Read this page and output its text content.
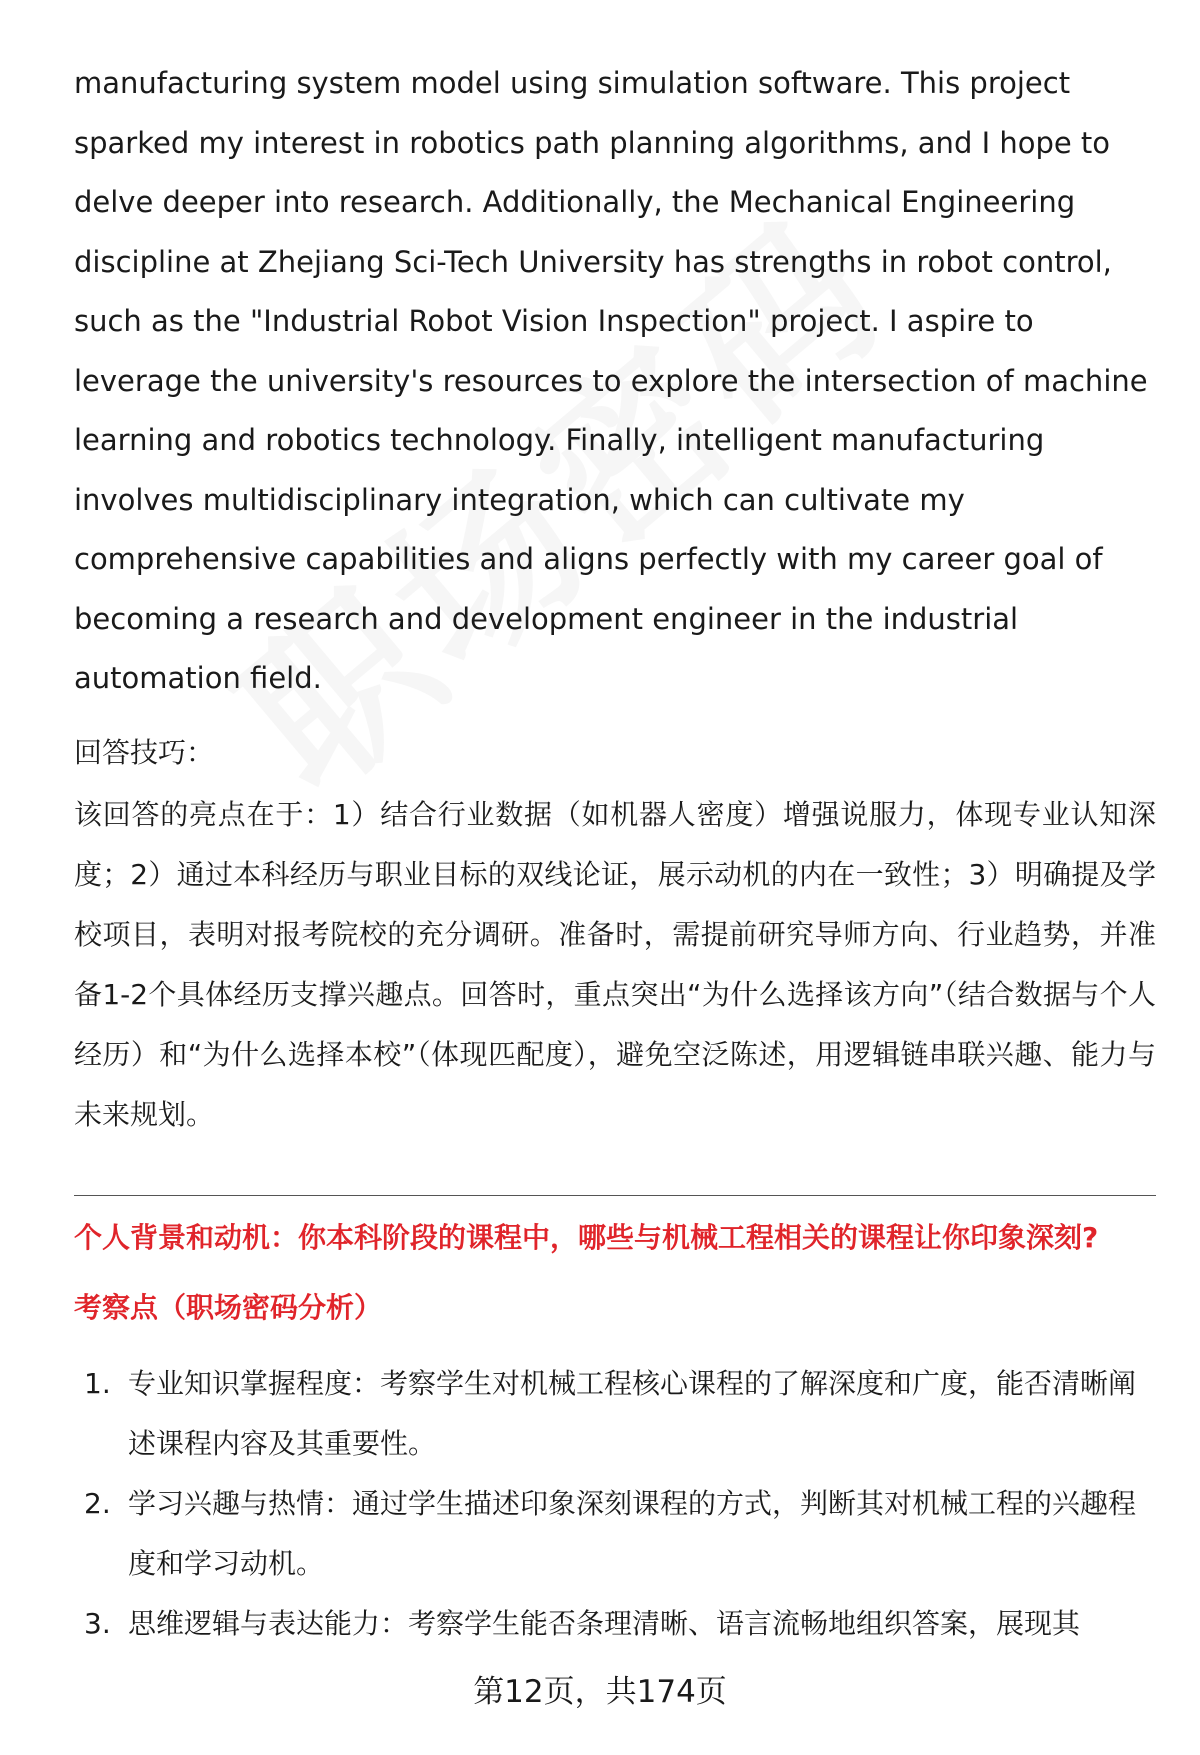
manufacturing system model using simulation software. This project sparked my interest in robotics path planning algorithms, and I hope to delve deeper into research. Additionally, the Mechanical Engineering discipline at Zhejiang Sci-Tech University has strengths in robot control, such as the "Industrial Robot Vision Inspection" project. I aspire to leverage the university's resources to explore the intersection of machine learning and robotics technology. Finally, intelligent manufacturing involves multidisciplinary integration, which can cultivate my comprehensive capabilities and aligns perfectly with my career goal of becoming a research and development engineer in the industrial automation field.

回答技巧：

该回答的亮点在于：1）结合行业数据（如机器人密度）增强说服力，体现专业认知深度；2）通过本科经历与职业目标的双线论证，展示动机的内在一致性；3）明确提及学校项目，表明对报考院校的充分调研。准备时，需提前研究导师方向、行业趋势，并准备1-2个具体经历支撑兴趣点。回答时，重点突出“为什么选择该方向”（结合数据与个人经历）和“为什么选择本校”（体现匹配度），避免空泛陈述，用逻辑链串联兴趣、能力与未来规划。

个人背景和动机：你本科阶段的课程中，哪些与机械工程相关的课程让你印象深刻?

考察点（职场密码分析）

1. 专业知识掌握程度：考察学生对机械工程核心课程的了解深度和广度，能否清晰阐述课程内容及其重要性。
2. 学习兴趣与热情：通过学生描述印象深刻课程的方式，判断其对机械工程的兴趣程度和学习动机。
3. 思维逻辑与表达能力：考察学生能否条理清晰、语言流畅地组织答案，展现其
第12页，共174页
